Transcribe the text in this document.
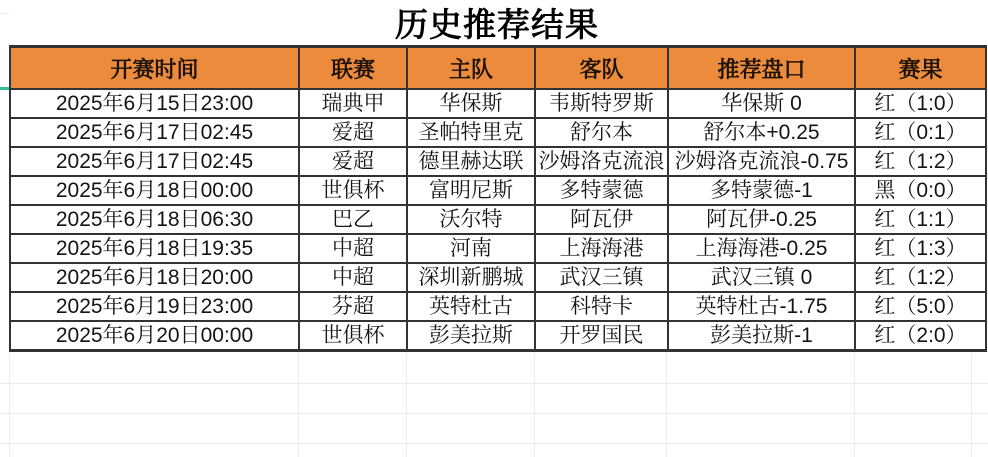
历史推荐结果
开赛时间	联赛	主队	客队	推荐盘口	赛果
2025年6月15日23:00	瑞典甲	华保斯	韦斯特罗斯	华保斯 0	红（1:0）
2025年6月17日02:45	爱超	圣帕特里克	舒尔本	舒尔本+0.25	红（0:1）
2025年6月17日02:45	爱超	德里赫达联	沙姆洛克流浪	沙姆洛克流浪-0.75	红（1:2）
2025年6月18日00:00	世俱杯	富明尼斯	多特蒙德	多特蒙德-1	黑（0:0）
2025年6月18日06:30	巴乙	沃尔特	阿瓦伊	阿瓦伊-0.25	红（1:1）
2025年6月18日19:35	中超	河南	上海海港	上海海港-0.25	红（1:3）
2025年6月18日20:00	中超	深圳新鹏城	武汉三镇	武汉三镇 0	红（1:2）
2025年6月19日23:00	芬超	英特杜古	科特卡	英特杜古-1.75	红（5:0）
2025年6月20日00:00	世俱杯	彭美拉斯	开罗国民	彭美拉斯-1	红（2:0）
